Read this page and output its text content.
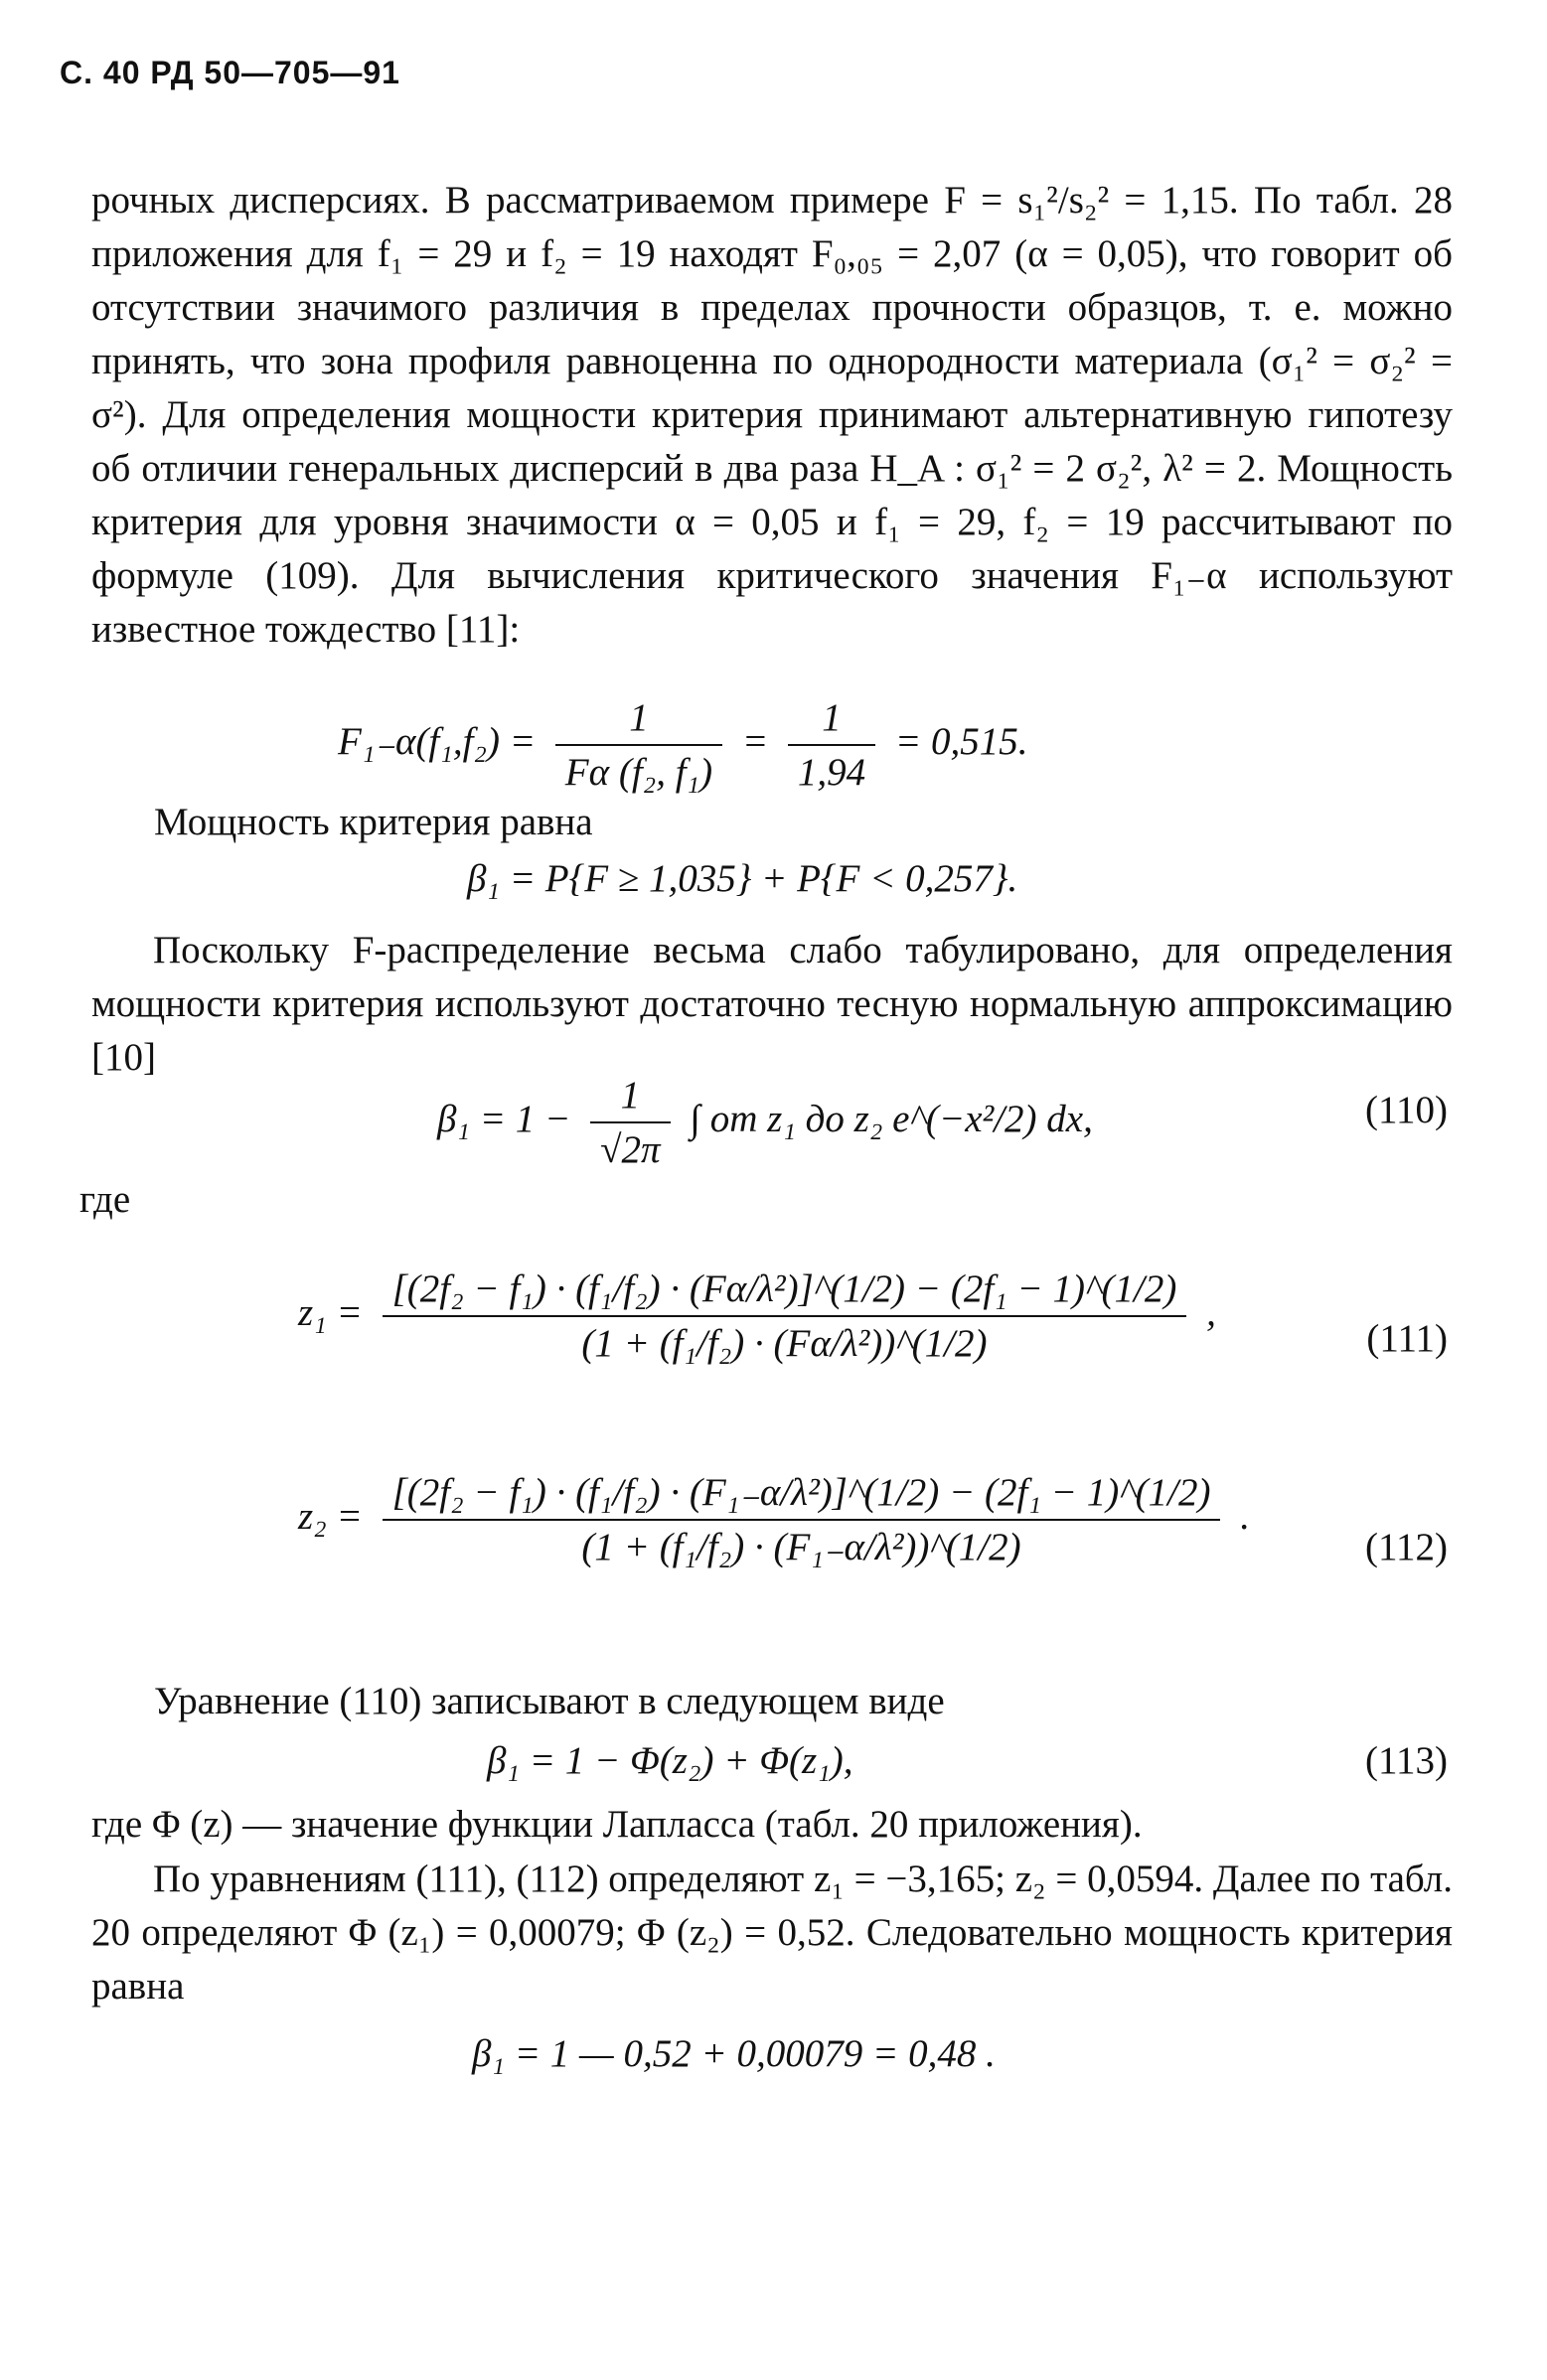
С. 40 РД 50—705—91
рочных дисперсиях. В рассматриваемом примере F = s₁²/s₂² = 1,15. По табл. 28 приложения для f₁ = 29 и f₂ = 19 находят F₀,₀₅ = 2,07 (α = 0,05), что говорит об отсутствии значимого различия в пределах прочности образцов, т. е. можно принять, что зона профиля равноценна по однородности материала (σ₁² = σ₂² = σ²). Для определения мощности критерия принимают альтернативную гипотезу об отличии генеральных дисперсий в два раза H_A : σ₁² = 2 σ₂², λ² = 2. Мощность критерия для уровня значимости α = 0,05 и f₁ = 29, f₂ = 19 рассчитывают по формуле (109). Для вычисления критического значения F₁₋α используют известное тождество [11]:
$F_{1-}\alpha(f_1,f_2) = \frac{1}{\text{Fα (f₂, f₁)}} = \frac{1}{1,94} = 0,515$.
Мощность критерия равна
β₁ = P{F ≥ 1,035} + P{F < 0,257}.
Поскольку F-распределение весьма слабо табулировано, для определения мощности критерия используют достаточно тесную нормальную аппроксимацию [10]
$\beta_1 = 1 - \frac{1}{√2\pi}$ ∫ от z₁ до z₂ e^(−x²/2) dx,	(110)
где
$z_1 = \frac{\text{[(2f₂ − f₁) · (f₁/f₂) · (Fα/λ²)]\textasciicircum{}(1/2) − (2f₁ − 1)\textasciicircum{}(1/2)}}{\text{(1 + (f₁/f₂) · (Fα/λ²))\textasciicircum{}(1/2)}}$ ,
(111)
$z_2 = \frac{\text{[(2f₂ − f₁) · (f₁/f₂) · (F₁₋α/λ²)]\textasciicircum{}(1/2) − (2f₁ − 1)\textasciicircum{}(1/2)}}{\text{(1 + (f₁/f₂) · (F₁₋α/λ²))\textasciicircum{}(1/2)}}$ .
(112)
Уравнение (110) записывают в следующем виде
β₁ = 1 − Φ(z₂) + Φ(z₁),	(113)
где Φ (z) — значение функции Лапласса (табл. 20 приложения).
По уравнениям (111), (112) определяют z₁ = −3,165; z₂ = 0,0594. Далее по табл. 20 определяют Φ (z₁) = 0,00079; Φ (z₂) = 0,52. Следовательно мощность критерия равна
β₁ = 1 — 0,52 + 0,00079 = 0,48 .
